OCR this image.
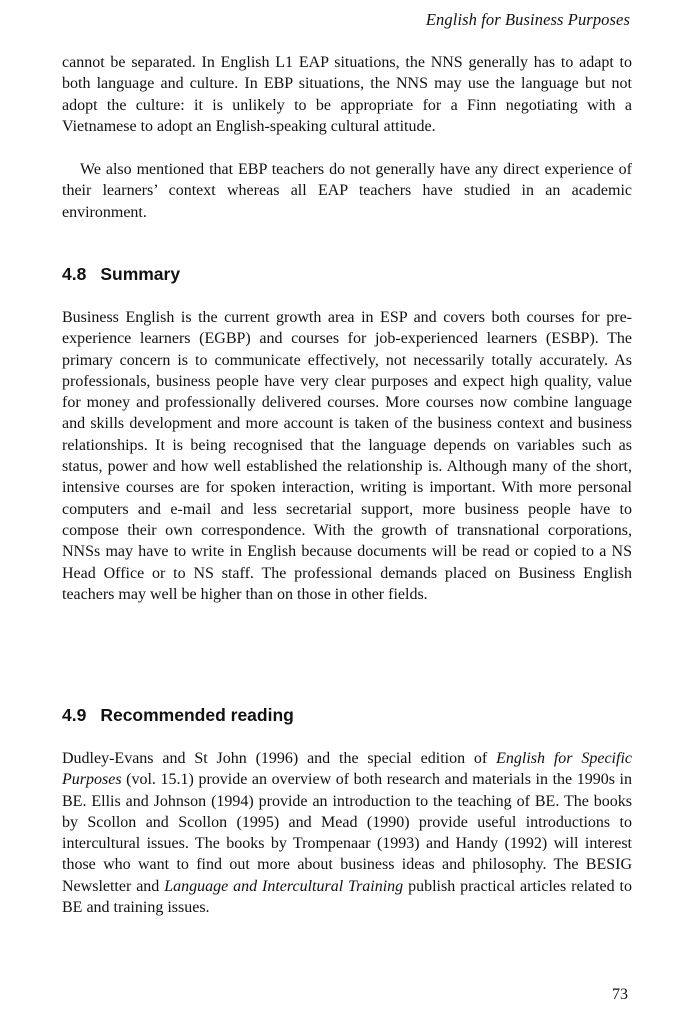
English for Business Purposes

cannot be separated. In English L1 EAP situations, the NNS generally has to adapt to both language and culture. In EBP situations, the NNS may use the language but not adopt the culture: it is unlikely to be appropriate for a Finn negotiating with a Vietnamese to adopt an English-speaking cultural attitude.

We also mentioned that EBP teachers do not generally have any direct experience of their learners’ context whereas all EAP teachers have studied in an academic environment.

4.8 Summary

Business English is the current growth area in ESP and covers both courses for pre-experience learners (EGBP) and courses for job-experienced learners (ESBP). The primary concern is to communicate effectively, not necessarily totally accurately. As professionals, business people have very clear purposes and expect high quality, value for money and professionally delivered courses. More courses now combine language and skills development and more account is taken of the business context and business relationships. It is being recognised that the language depends on variables such as status, power and how well established the relationship is. Although many of the short, intensive courses are for spoken interaction, writing is important. With more personal computers and e-mail and less secretarial support, more business people have to compose their own correspondence. With the growth of transnational corporations, NNSs may have to write in English because documents will be read or copied to a NS Head Office or to NS staff. The professional demands placed on Business English teachers may well be higher than on those in other fields.

4.9 Recommended reading

Dudley-Evans and St John (1996) and the special edition of English for Specific Purposes (vol. 15.1) provide an overview of both research and materials in the 1990s in BE. Ellis and Johnson (1994) provide an introduction to the teaching of BE. The books by Scollon and Scollon (1995) and Mead (1990) provide useful introductions to intercultural issues. The books by Trompenaar (1993) and Handy (1992) will interest those who want to find out more about business ideas and philosophy. The BESIG Newsletter and Language and Intercultural Training publish practical articles related to BE and training issues.

73
